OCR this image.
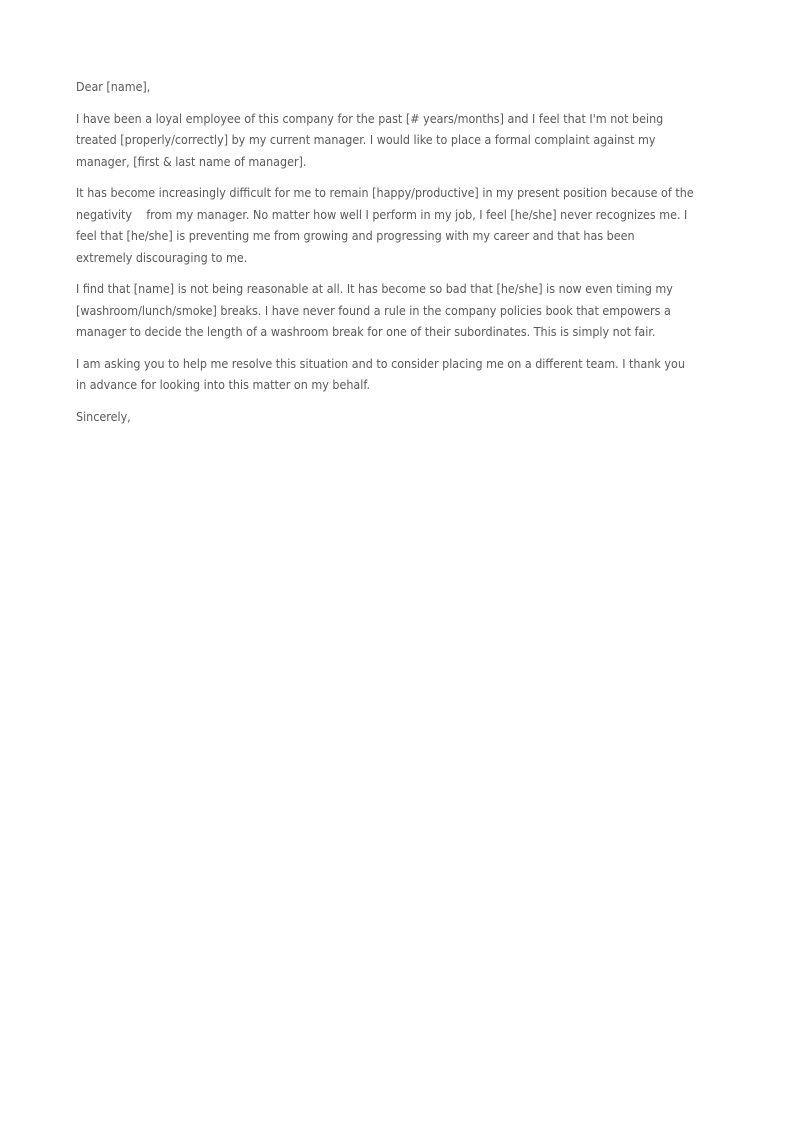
Dear [name],

I have been a loyal employee of this company for the past [# years/months] and I feel that I'm not being
treated [properly/correctly] by my current manager. I would like to place a formal complaint against my
manager, [first & last name of manager].

It has become increasingly difficult for me to remain [happy/productive] in my present position because of the
negativity    from my manager. No matter how well I perform in my job, I feel [he/she] never recognizes me. I
feel that [he/she] is preventing me from growing and progressing with my career and that has been
extremely discouraging to me.

I find that [name] is not being reasonable at all. It has become so bad that [he/she] is now even timing my
[washroom/lunch/smoke] breaks. I have never found a rule in the company policies book that empowers a
manager to decide the length of a washroom break for one of their subordinates. This is simply not fair.

I am asking you to help me resolve this situation and to consider placing me on a different team. I thank you
in advance for looking into this matter on my behalf.

Sincerely,
